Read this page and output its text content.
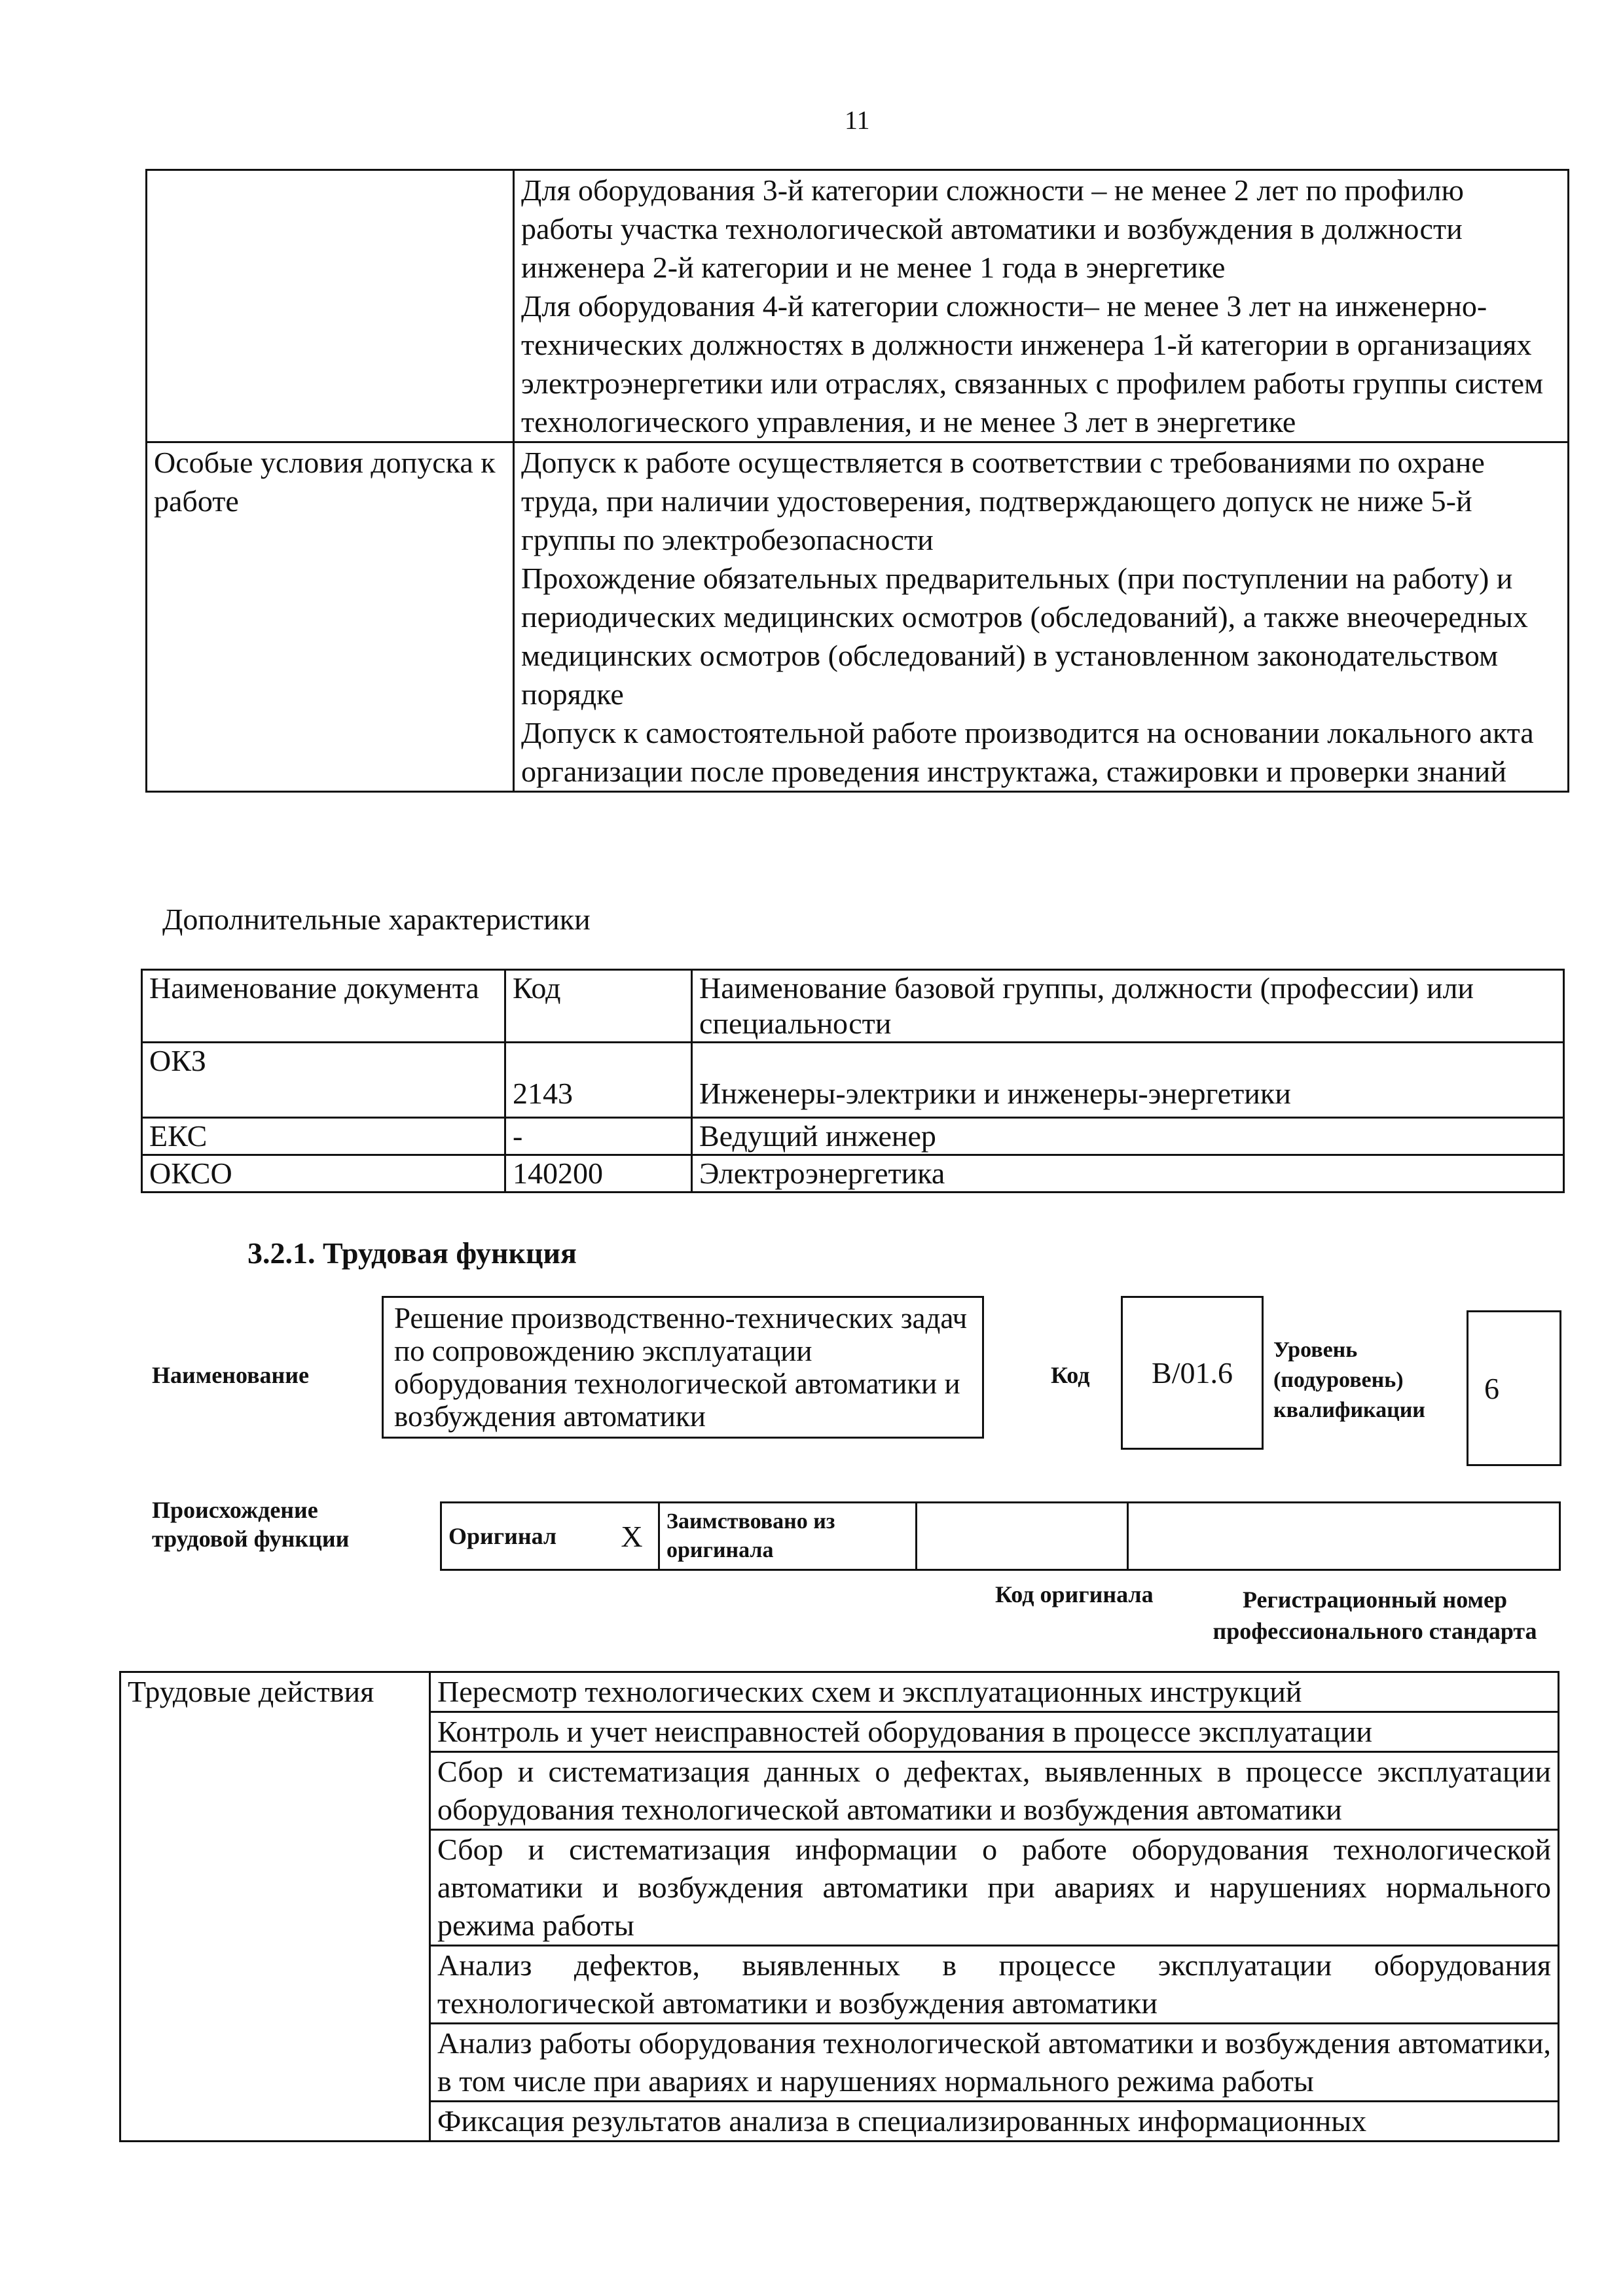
11

	Для оборудования 3-й категории сложности – не менее 2 лет по профилю работы участка технологической автоматики и возбуждения в должности инженера 2-й категории и не менее 1 года в энергетике

Для оборудования 4-й категории сложности– не менее 3 лет на инженерно-технических должностях в должности инженера 1-й категории в организациях электроэнергетики или отраслях, связанных с профилем работы группы систем технологического управления, и не менее 3 лет в энергетике

Особые условия допуска к работе	Допуск к работе осуществляется в соответствии с требованиями по охране труда, при наличии удостоверения, подтверждающего допуск не ниже 5-й группы по электробезопасности

Прохождение обязательных предварительных (при поступлении на работу) и периодических медицинских осмотров (обследований), а также внеочередных медицинских осмотров (обследований) в установленном законодательством порядке

Допуск к самостоятельной работе производится на основании локального акта организации после проведения инструктажа, стажировки и проверки знаний

Дополнительные характеристики
Наименование документа	Код	Наименование базовой группы, должности (профессии) или специальности
ОКЗ	2143	Инженеры-электрики и инженеры-энергетики
ЕКС	-	Ведущий инженер
ОКСО	140200	Электроэнергетика
3.2.1. Трудовая функция
Наименование
Решение производственно-технических задач по сопровождению эксплуатации оборудования технологической автоматики и возбуждения автоматики
Код	В/01.6
Уровень (подуровень) квалификации
6
Происхождение трудовой функции	Оригинал	Х	Заимствовано из оригинала		
Код оригинала	Регистрационный номер профессионального стандарта
Трудовые действия	Пересмотр технологических схем и эксплуатационных инструкций
Контроль и учет неисправностей оборудования в процессе эксплуатации
Сбор и систематизация данных о дефектах, выявленных в процессе эксплуатации оборудования технологической автоматики и возбуждения автоматики
Сбор и систематизация информации о работе оборудования технологической автоматики и возбуждения автоматики при авариях и нарушениях нормального режима работы
Анализ дефектов, выявленных в процессе эксплуатации оборудования технологической автоматики и возбуждения автоматики
Анализ работы оборудования технологической автоматики и возбуждения автоматики, в том числе при авариях и нарушениях нормального режима работы
Фиксация результатов анализа в специализированных информационных
